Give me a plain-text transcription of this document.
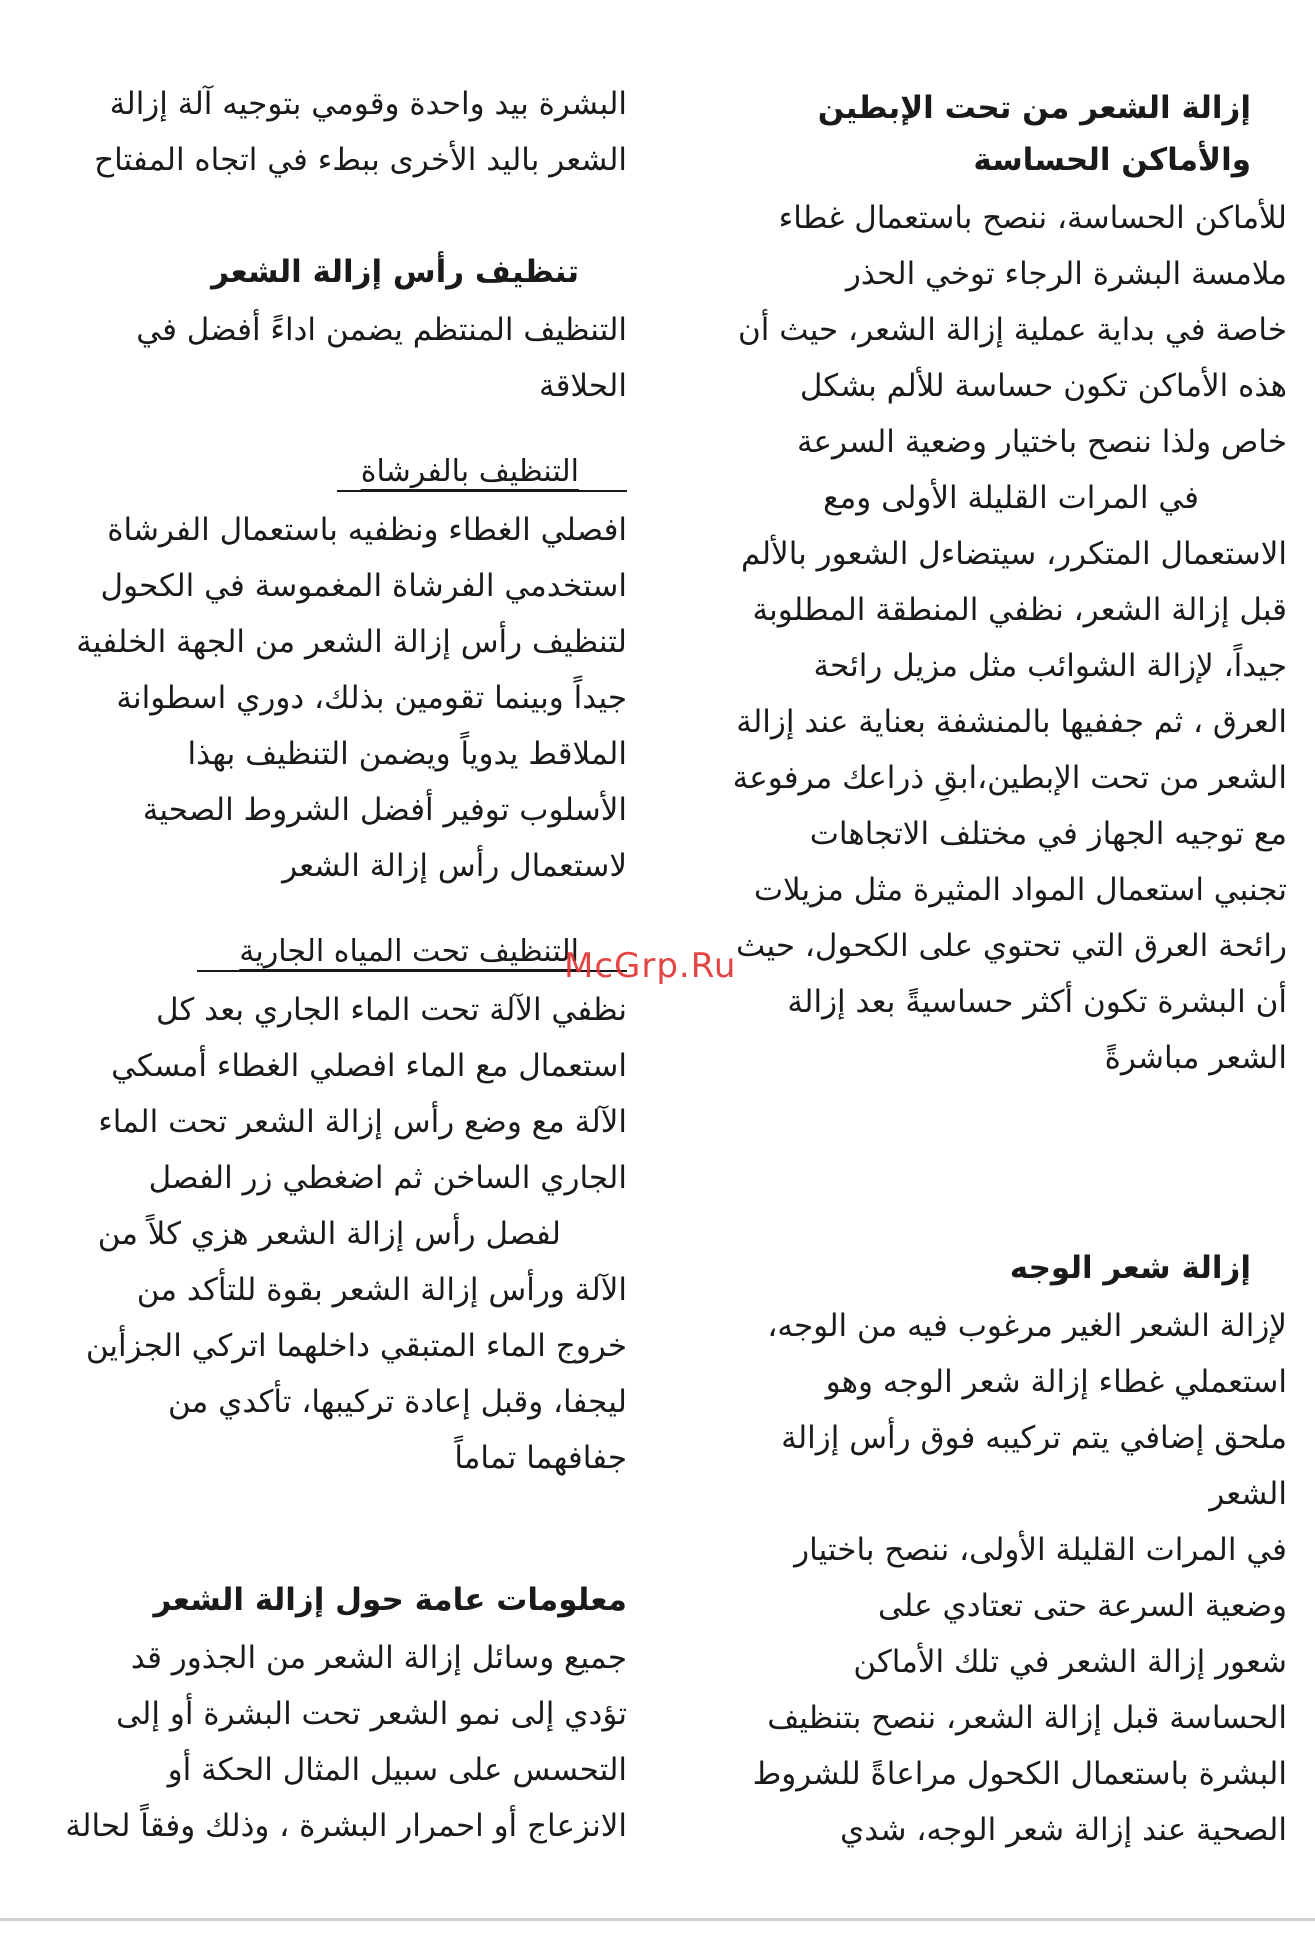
إزالة الشعر من تحت الإبطين
والأماكن الحساسة
للأماكن الحساسة، ننصح باستعمال غطاء
ملامسة البشرة الرجاء توخي الحذر
خاصة في بداية عملية إزالة الشعر، حيث أن
هذه الأماكن تكون حساسة للألم بشكل
خاص ولذا ننصح باختيار وضعية السرعة
في المرات القليلة الأولى ومع
الاستعمال المتكرر، سيتضاءل الشعور بالألم
قبل إزالة الشعر، نظفي المنطقة المطلوبة
جيداً، لإزالة الشوائب مثل مزيل رائحة
العرق ، ثم جففيها بالمنشفة بعناية عند إزالة
الشعر من تحت الإبطين،ابقِ ذراعك مرفوعة
مع توجيه الجهاز في مختلف الاتجاهات
تجنبي استعمال المواد المثيرة مثل مزيلات
رائحة العرق التي تحتوي على الكحول، حيث
أن البشرة تكون أكثر حساسيةً بعد إزالة
الشعر مباشرةً
إزالة شعر الوجه
لإزالة الشعر الغير مرغوب فيه من الوجه،
استعملي غطاء إزالة شعر الوجه وهو
ملحق إضافي يتم تركيبه فوق رأس إزالة
الشعر
في المرات القليلة الأولى، ننصح باختيار
وضعية السرعة حتى تعتادي على
شعور إزالة الشعر في تلك الأماكن
الحساسة قبل إزالة الشعر، ننصح بتنظيف
البشرة باستعمال الكحول مراعاةً للشروط
الصحية عند إزالة شعر الوجه، شدي
البشرة بيد واحدة وقومي بتوجيه آلة إزالة
الشعر باليد الأخرى ببطء في اتجاه المفتاح
تنظيف رأس إزالة الشعر
التنظيف المنتظم يضمن اداءً أفضل في
الحلاقة
التنظيف بالفرشاة
افصلي الغطاء ونظفيه باستعمال الفرشاة
استخدمي الفرشاة المغموسة في الكحول
لتنظيف رأس إزالة الشعر من الجهة الخلفية
جيداً وبينما تقومين بذلك، دوري اسطوانة
الملاقط يدوياً ويضمن التنظيف بهذا
الأسلوب توفير أفضل الشروط الصحية
لاستعمال رأس إزالة الشعر
التنظيف تحت المياه الجارية
نظفي الآلة تحت الماء الجاري بعد كل
استعمال مع الماء افصلي الغطاء أمسكي
الآلة مع وضع رأس إزالة الشعر تحت الماء
الجاري الساخن ثم اضغطي زر الفصل
لفصل رأس إزالة الشعر هزي كلاً من
الآلة ورأس إزالة الشعر بقوة للتأكد من
خروج الماء المتبقي داخلهما اتركي الجزأين
ليجفا، وقبل إعادة تركيبها، تأكدي من
جفافهما تماماً
معلومات عامة حول إزالة الشعر
جميع وسائل إزالة الشعر من الجذور قد
تؤدي إلى نمو الشعر تحت البشرة أو إلى
التحسس على سبيل المثال الحكة أو
الانزعاج أو احمرار البشرة ، وذلك وفقاً لحالة
McGrp.Ru
